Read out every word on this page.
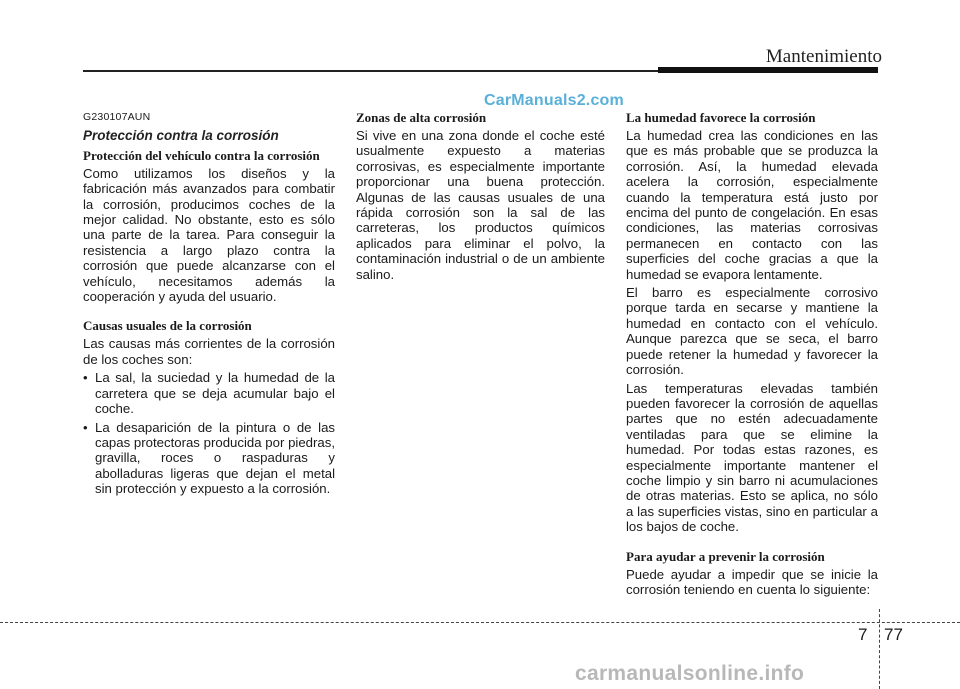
Mantenimiento
CarManuals2.com
G230107AUN
Protección contra la corrosión
Protección del vehículo contra la corrosión

Como utilizamos los diseños y la fabricación más avanzados para combatir la corrosión, producimos coches de la mejor calidad. No obstante, esto es sólo una parte de la tarea. Para conseguir la resistencia a largo plazo contra la corrosión que puede alcanzarse con el vehículo, necesitamos además la cooperación y ayuda del usuario.

Causas usuales de la corrosión

Las causas más corrientes de la corrosión de los coches son:

• La sal, la suciedad y la humedad de la carretera que se deja acumular bajo el coche.
• La desaparición de la pintura o de las capas protectoras producida por piedras, gravilla, roces o raspaduras y abolladuras ligeras que dejan el metal sin protección y expuesto a la corrosión.
Zonas de alta corrosión

Si vive en una zona donde el coche esté usualmente expuesto a materias corrosivas, es especialmente importante proporcionar una buena protección. Algunas de las causas usuales de una rápida corrosión son la sal de las carreteras, los productos químicos aplicados para eliminar el polvo, la contaminación industrial o de un ambiente salino.

La humedad favorece la corrosión

La humedad crea las condiciones en las que es más probable que se produzca la corrosión. Así, la humedad elevada acelera la corrosión, especialmente cuando la temperatura está justo por encima del punto de congelación. En esas condiciones, las materias corrosivas permanecen en contacto con las superficies del coche gracias a que la humedad se evapora lentamente.

El barro es especialmente corrosivo porque tarda en secarse y mantiene la humedad en contacto con el vehículo. Aunque parezca que se seca, el barro puede retener la humedad y favorecer la corrosión.

Las temperaturas elevadas también pueden favorecer la corrosión de aquellas partes que no estén adecuadamente ventiladas para que se elimine la humedad. Por todas estas razones, es especialmente importante mantener el coche limpio y sin barro ni acumulaciones de otras materias. Esto se aplica, no sólo a las superficies vistas, sino en particular a los bajos de coche.

Para ayudar a prevenir la corrosión

Puede ayudar a impedir que se inicie la corrosión teniendo en cuenta lo siguiente:

7 77
carmanualsonline.info
